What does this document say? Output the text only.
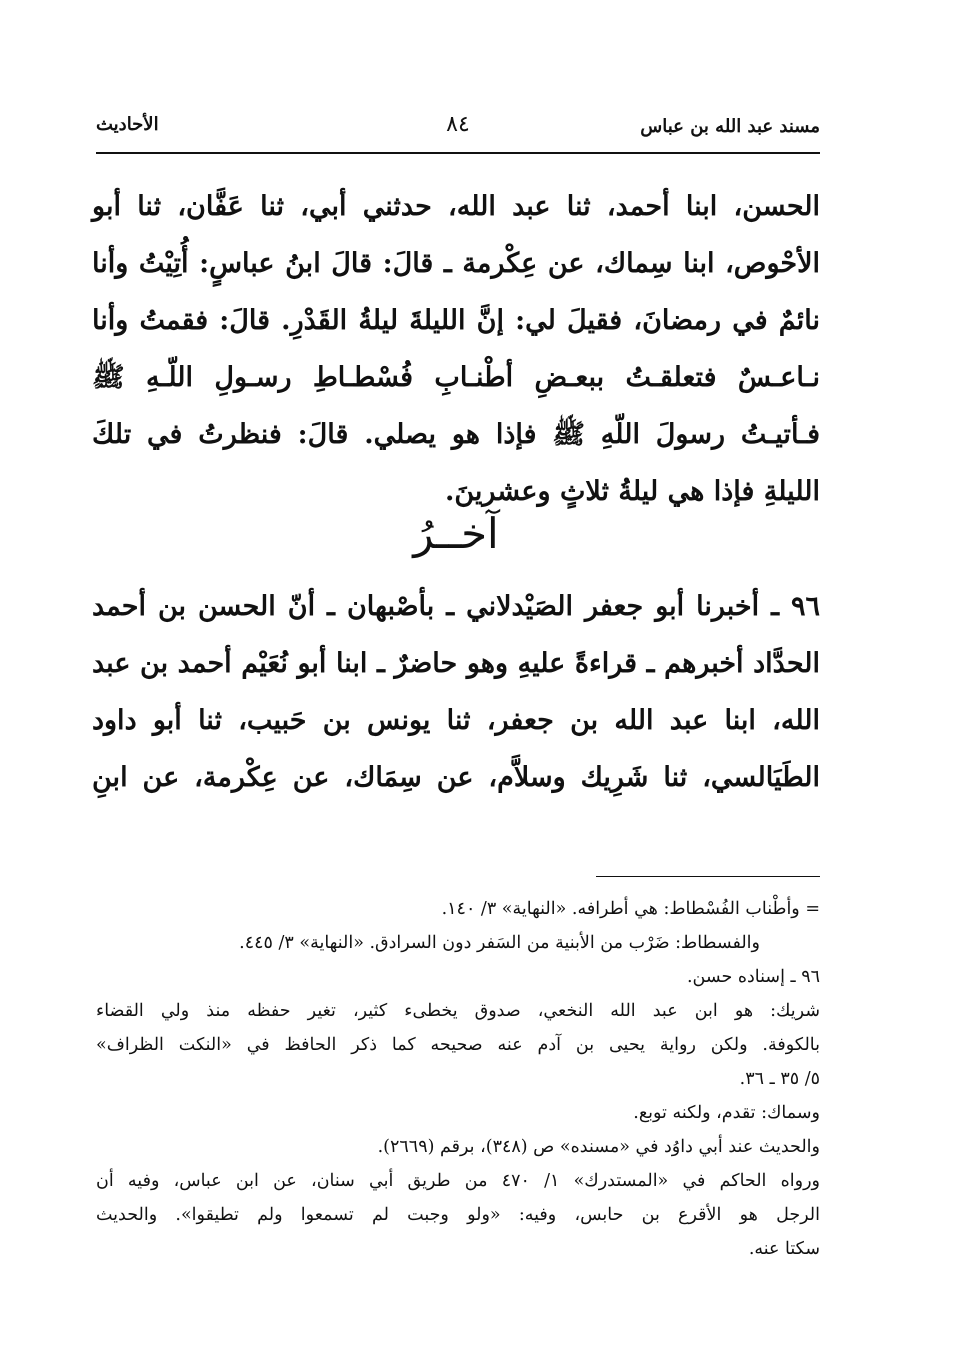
مسند عبد الله بن عباس
٨٤
الأحاديث

الحسن، ابنا أحمد، ثنا عبد الله، حدثني أبي، ثنا عَفَّان، ثنا أبو الأحْوص، ابنا سِماك، عن عِكْرمة ـ قالَ: قالَ ابنُ عباسٍ: أُتِيْتُ وأنا نائمٌ في رمضانَ، فقيلَ لي: إنَّ الليلةَ ليلةُ القَدْرِ. قالَ: فقمتُ وأنا نـاعـسٌ فتعلقـتُ ببعـضِ أطْنـابِ فُسْطـاطِ رسـولِ اللّـهِ ﷺ فـأتيـتُ رسولَ اللّهِ ﷺ فإذا هو يصلي. قالَ: فنظرتُ في تلكَ الليلةِ فإذا هي ليلةُ ثلاثٍ وعشرينَ.

آخــرُ

٩٦ ـ أخبرنا أبو جعفر الصَيْدلاني ـ بأصْبهان ـ أنّ الحسن بن أحمد الحدَّاد أخبرهم ـ قراءةً عليهِ وهو حاضرٌ ـ ابنا أبو نُعَيْم أحمد بن عبد الله، ابنا عبد الله بن جعفر، ثنا يونس بن حَبيب، ثنا أبو داود الطَيَالسي، ثنا شَرِيك وسلاَّم، عن سِمَاك، عن عِكْرمة، عن ابنِ

= وأطْناب الفُسْطاط: هي أطرافه. «النهاية» ٣/ ١٤٠.
والفسطاط: ضَرْب من الأبنية من السَفر دون السرادق. «النهاية» ٣/ ٤٤٥.
٩٦ ـ إسناده حسن.
شريك: هو ابن عبد الله النخعي، صدوق يخطىء كثير، تغير حفظه منذ ولي القضاء
بالكوفة. ولكن رواية يحيى بن آدم عنه صحيحه كما ذكر الحافظ في «النكت الظراف»
٥/ ٣٥ ـ ٣٦.
وسماك: تقدم، ولكنه توبع.
والحديث عند أبي داوُد في «مسنده» ص (٣٤٨)، برقم (٢٦٦٩).
ورواه الحاكم في «المستدرك» ١/ ٤٧٠ من طريق أبي سنان، عن ابن عباس، وفيه أن
الرجل هو الأقرع بن حابس، وفيه: «ولو وجبت لم تسمعوا ولم تطيقوا». والحديث
سكتا عنه.
